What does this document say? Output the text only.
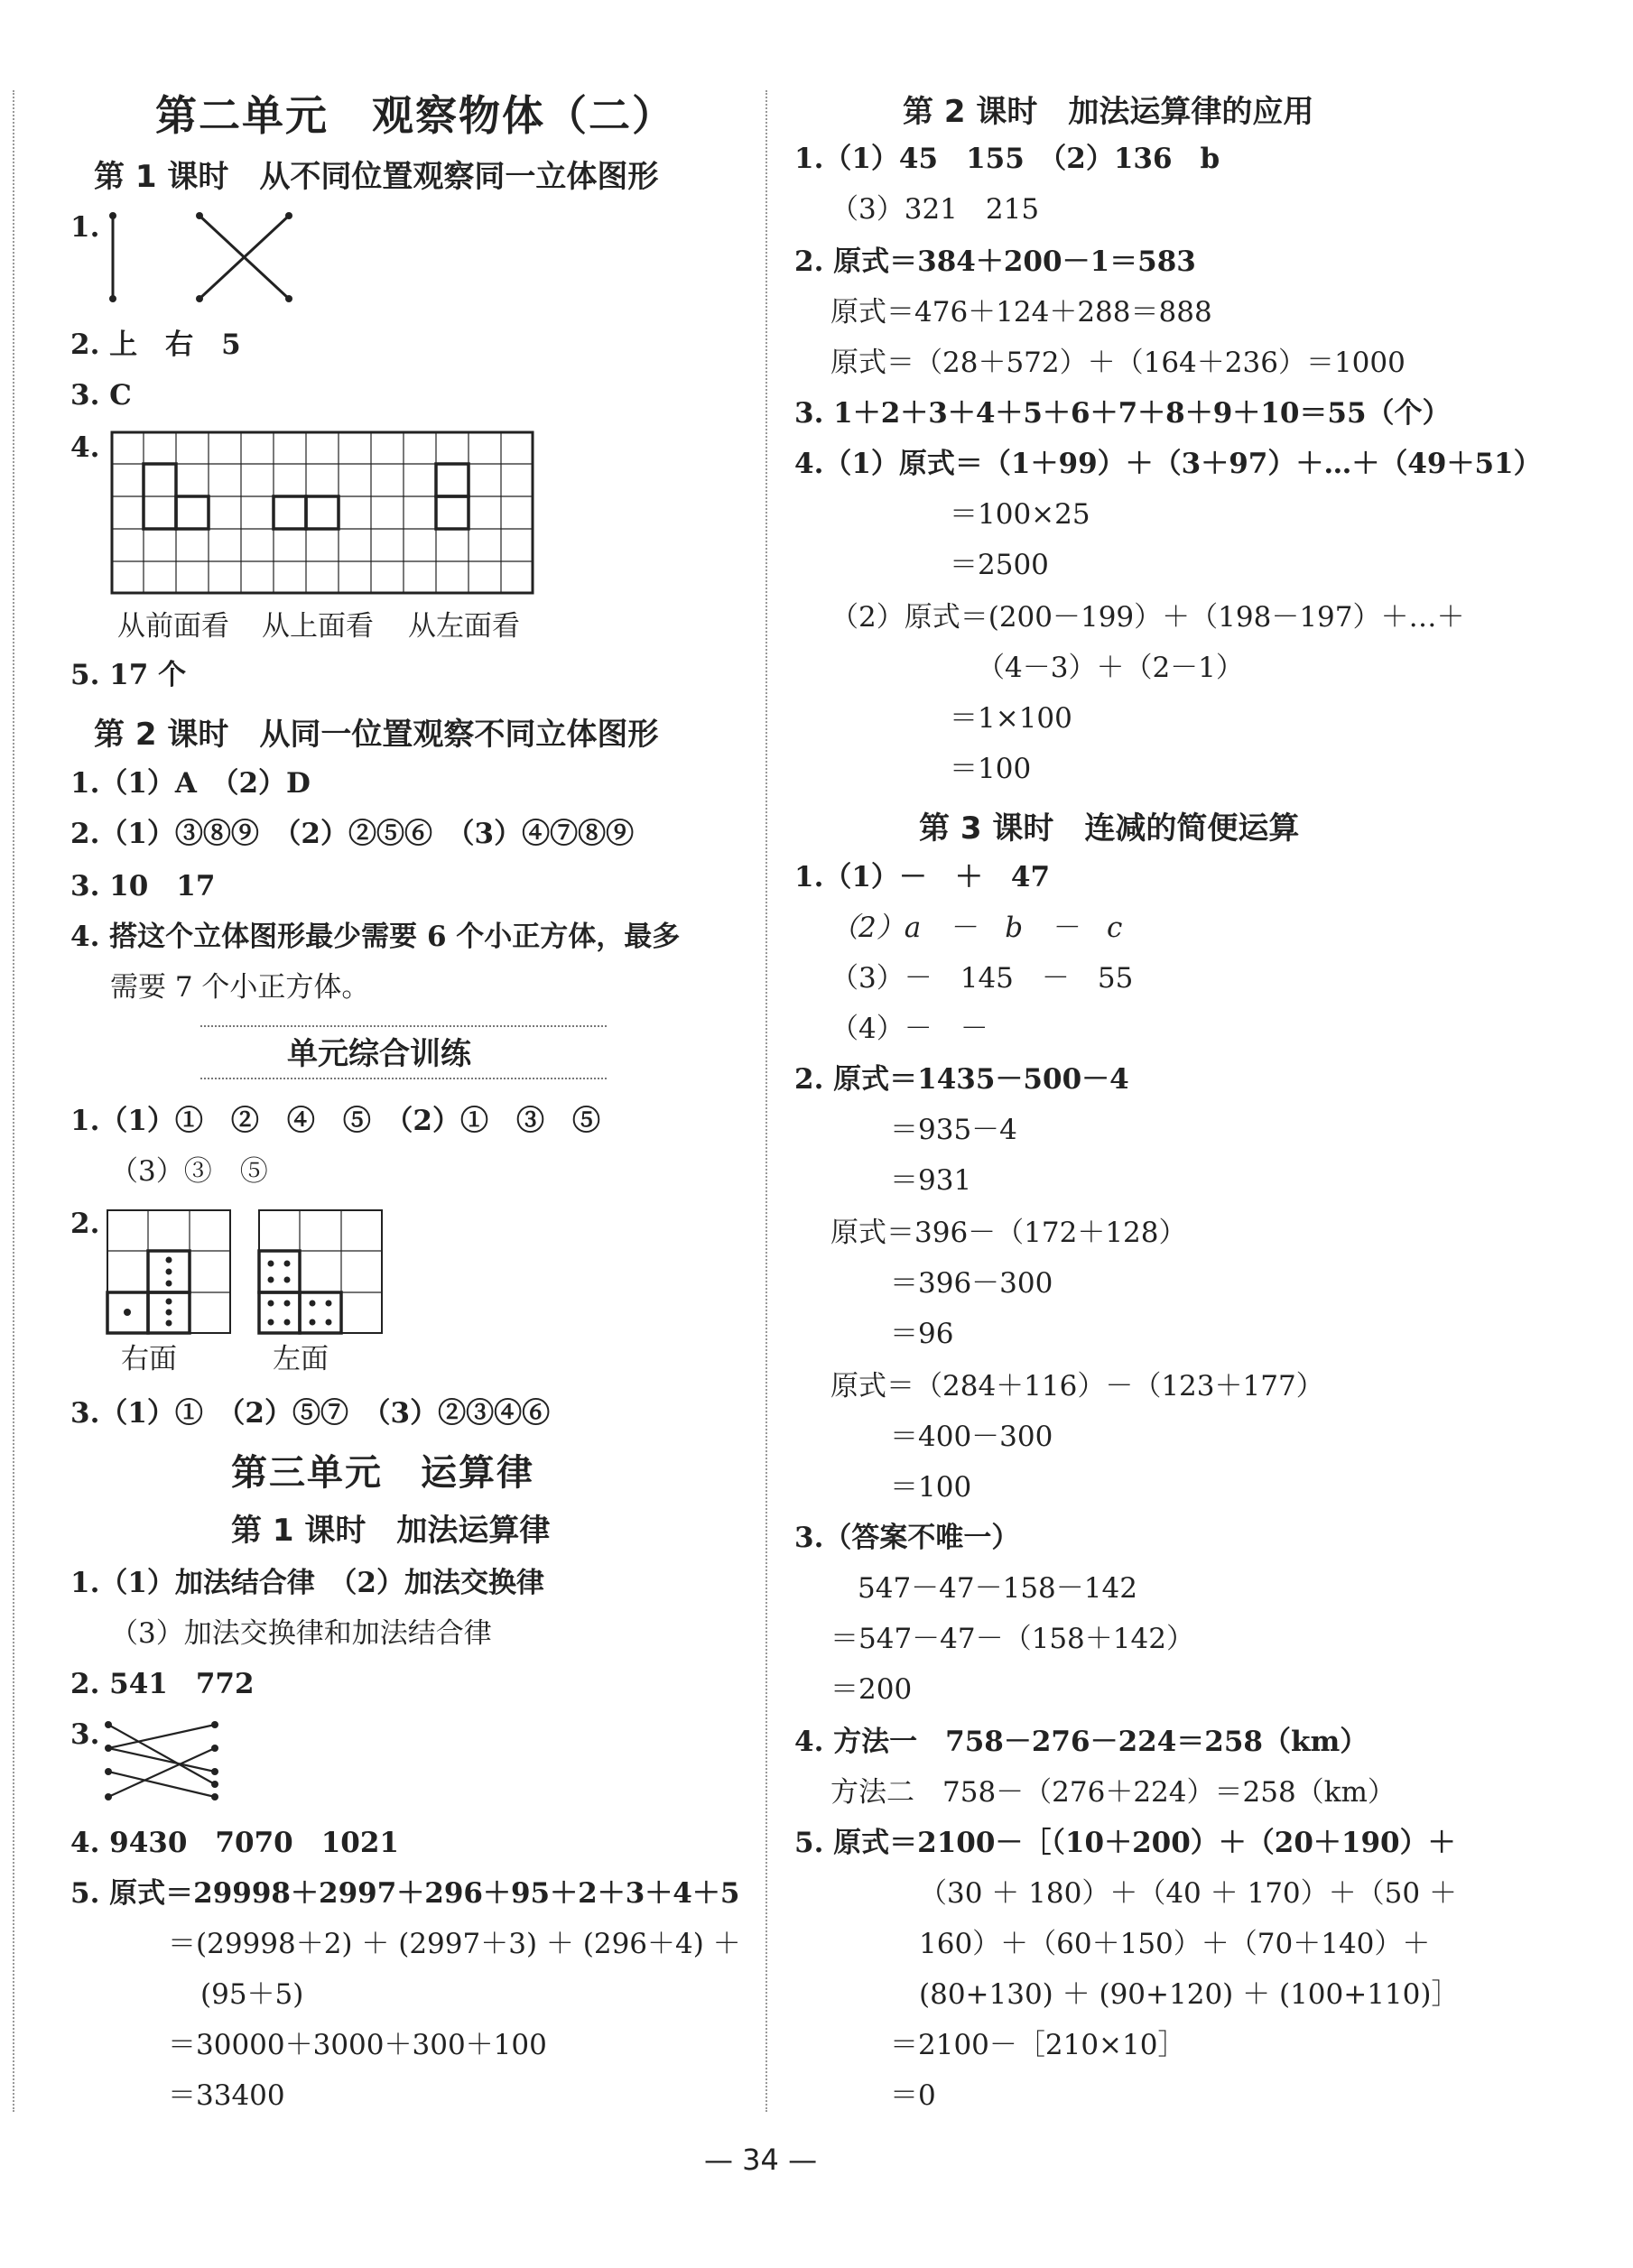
第二单元　观察物体（二）
第 1 课时　从不同位置观察同一立体图形
1.
2. 上　右　5
3. C
4.
从前面看 从上面看 从左面看
5. 17 个
第 2 课时　从同一位置观察不同立体图形
1.（1）A　（2）D
2.（1）③⑧⑨　（2）②⑤⑥　（3）④⑦⑧⑨
3. 10　17
4. 搭这个立体图形最少需要 6 个小正方体，最多
需要 7 个小正方体。
单元综合训练
1.（1）①　②　④　⑤　（2）①　③　⑤
（3）③　⑤
2.
右面	左面
3.（1）①　（2）⑤⑦　（3）②③④⑥
第三单元　运算律
第 1 课时　加法运算律
1.（1）加法结合律　（2）加法交换律
（3）加法交换律和加法结合律
2. 541　772
3.
4. 9430　7070　1021
5. 原式＝29998＋2997＋296＋95＋2＋3＋4＋5
＝(29998＋2) ＋ (2997＋3) ＋ (296＋4) ＋
(95＋5)
＝30000＋3000＋300＋100
＝33400
第 2 课时　加法运算律的应用
1.（1）45　155　（2）136　b
（3）321　215
2. 原式＝384＋200－1＝583
原式＝476＋124＋288＝888
原式＝（28＋572）＋（164＋236）＝1000
3. 1＋2＋3＋4＋5＋6＋7＋8＋9＋10＝55（个）
4.（1）原式＝（1＋99）＋（3＋97）＋…＋（49＋51）
＝100×25
＝2500
（2）原式＝(200－199）＋（198－197）＋…＋
（4－3）＋（2－1）
＝1×100
＝100
第 3 课时　连减的简便运算
1.（1）－　＋　47
（2）a　－　b　－　c
（3）－　145　－　55
（4）－　－
2. 原式＝1435－500－4
＝935－4
＝931
原式＝396－（172＋128）
＝396－300
＝96
原式＝（284＋116）－（123＋177）
＝400－300
＝100
3.（答案不唯一）
547－47－158－142
＝547－47－（158＋142）
＝200
4. 方法一　758－276－224＝258（km）
方法二　758－（276＋224）＝258（km）
5. 原式＝2100－［（10＋200）＋（20＋190）＋
（30 ＋ 180）＋（40 ＋ 170）＋（50 ＋
160）＋（60＋150）＋（70＋140）＋
(80+130) ＋ (90+120) ＋ (100+110)］
＝2100－［210×10］
＝0
— 34 —
